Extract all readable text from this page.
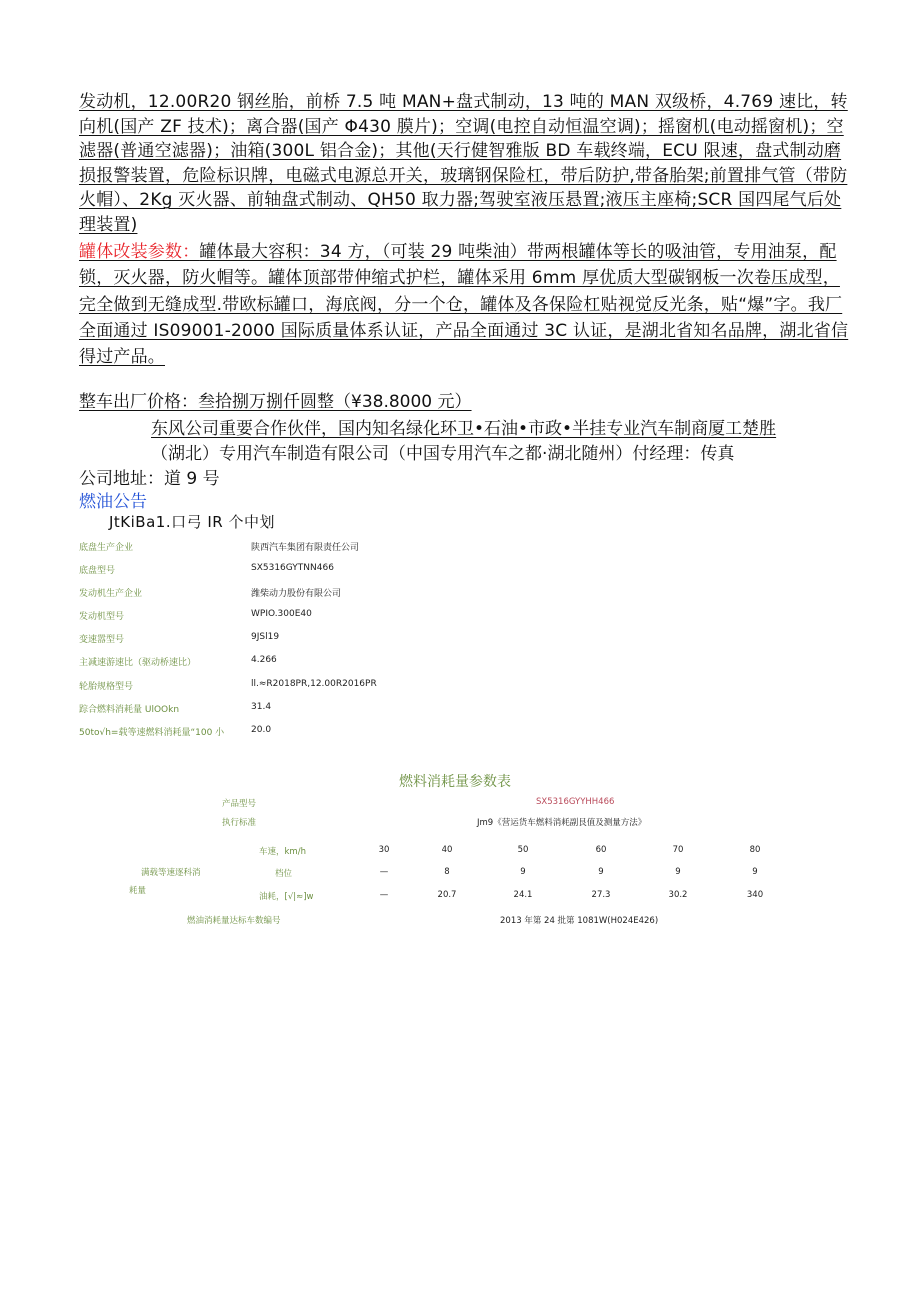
发动机，12.00R20 钢丝胎，前桥 7.5 吨 MAN+盘式制动，13 吨的 MAN 双级桥，4.769 速比，转向机(国产 ZF 技术)；离合器(国产 Φ430 膜片)；空调(电控自动恒温空调)；摇窗机(电动摇窗机)；空滤器(普通空滤器)；油箱(300L 铝合金)；其他(天行健智雅版 BD 车载终端，ECU 限速，盘式制动磨损报警装置，危险标识牌，电磁式电源总开关，玻璃钢保险杠，带后防护,带备胎架;前置排气管（带防火帽）、2Kg 灭火器、前轴盘式制动、QH50 取力器;驾驶室液压悬置;液压主座椅;SCR 国四尾气后处理装置)
罐体改装参数：罐体最大容积：34 方，（可装 29 吨柴油）带两根罐体等长的吸油管，专用油泵，配锁，灭火器，防火帽等。罐体顶部带伸缩式护栏，罐体采用 6mm 厚优质大型碳钢板一次卷压成型，完全做到无缝成型.带欧标罐口，海底阀，分一个仓，罐体及各保险杠贴视觉反光条，贴“爆”字。我厂全面通过 IS09001-2000 国际质量体系认证，产品全面通过 3C 认证，是湖北省知名品牌，湖北省信得过产品。
整车出厂价格：叁拾捌万捌仟圆整（¥38.8000 元）
东风公司重要合作伙伴，国内知名绿化环卫•石油•市政•半挂专业汽车制商厦工楚胜
（湖北）专用汽车制造有限公司（中国专用汽车之都·湖北随州）付经理：传真
公司地址：道 9 号
燃油公告
JtKiBa1.口弓 IR 个中划
底盘生产企业	陕西汽车集团有限责任公司
底盘型号	SX5316GYTNN466
发动机生产企业	潍柴动力股份有限公司
发动机型号	WPIO.300E40
变速嚣型号	9JSl19
主减速游速比（驱动桥速比）	4.266
轮胎规格型号	ll.≈R2018PR,12.00R2016PR
踪合燃料消耗量 UlOOkn	31.4
50to√h=载等速燃料消耗量“100 小	20.0
燃料消耗量参数表
产品型号	SX5316GYYHH466
执行标准	Jm9《营运货车燃料消耗副艮值及测量方法》
满载等速逐科消
耗量
车速，km/h	30	40	50	60	70	80
档位	—	8	9	9	9	9
油耗，[√|≈]w	—	20.7	24.1	27.3	30.2	340
燃油消耗量达标车数编号	2013 年第 24 批第 1081W(H024E426)
